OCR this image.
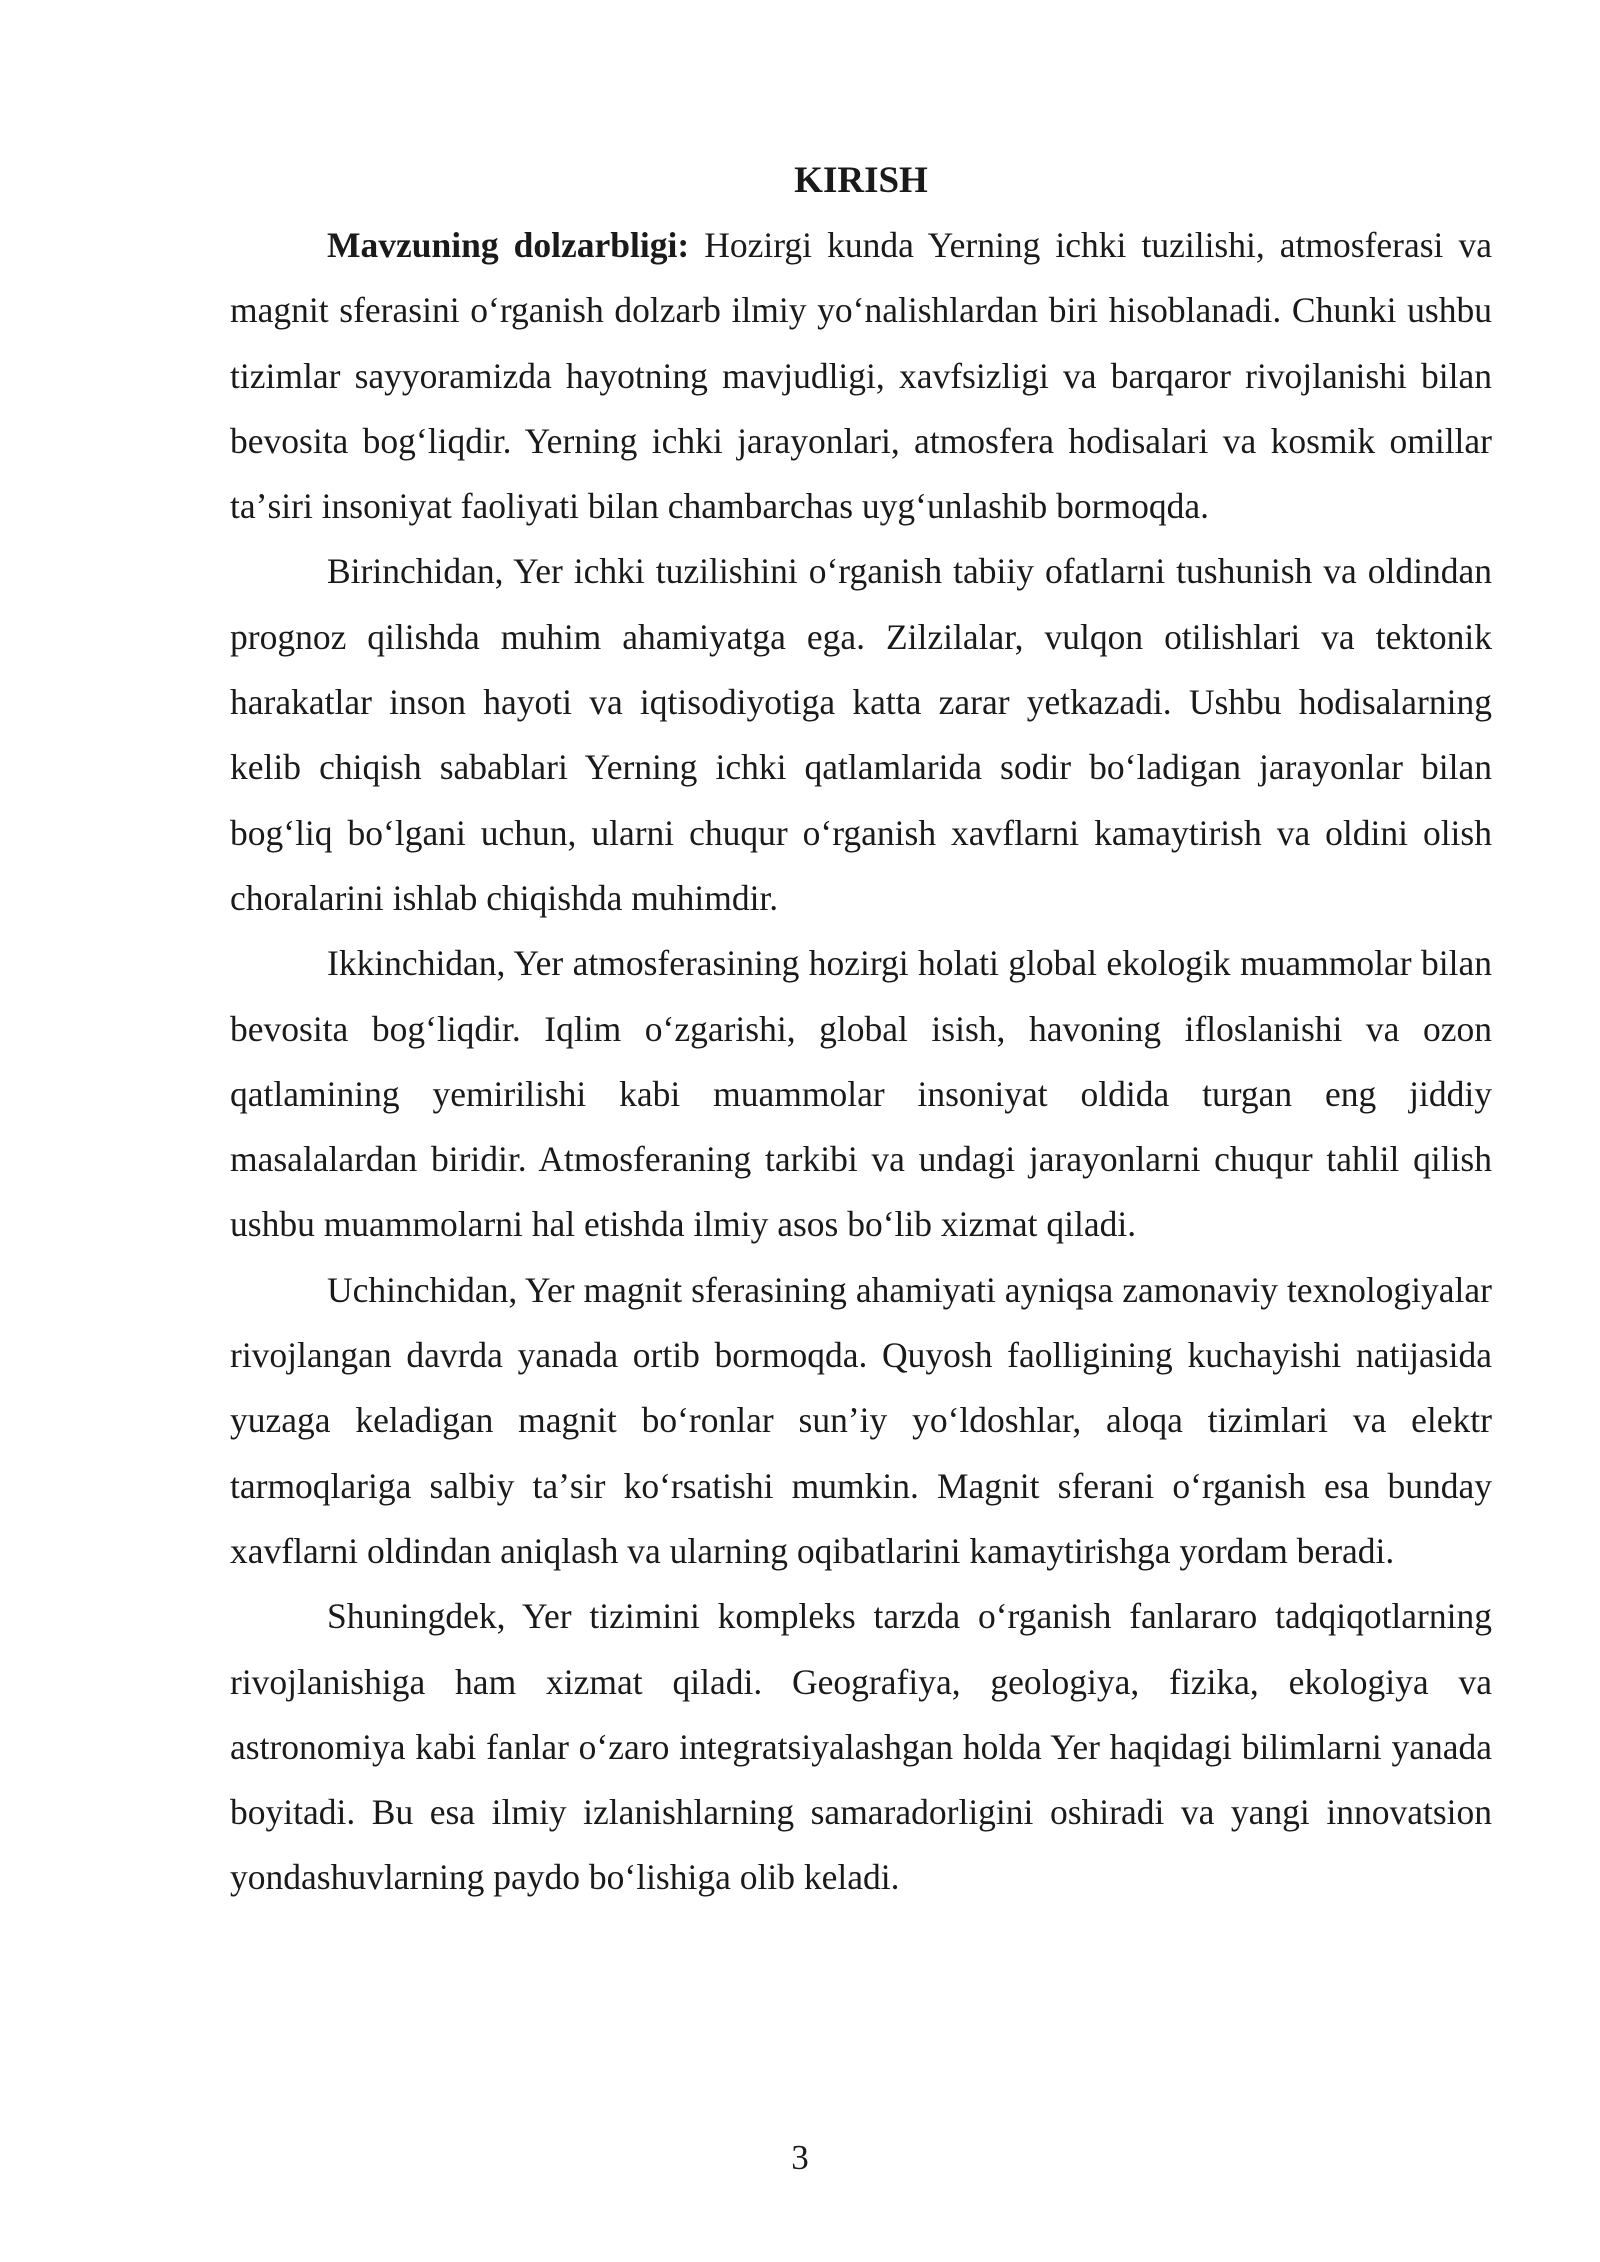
KIRISH

Mavzuning dolzarbligi: Hozirgi kunda Yerning ichki tuzilishi, atmosferasi va magnit sferasini oʻrganish dolzarb ilmiy yoʻnalishlardan biri hisoblanadi. Chunki ushbu tizimlar sayyoramizda hayotning mavjudligi, xavfsizligi va barqaror rivojlanishi bilan bevosita bogʻliqdir. Yerning ichki jarayonlari, atmosfera hodisalari va kosmik omillar taʼsiri insoniyat faoliyati bilan chambarchas uygʻunlashib bormoqda.

Birinchidan, Yer ichki tuzilishini oʻrganish tabiiy ofatlarni tushunish va oldindan prognoz qilishda muhim ahamiyatga ega. Zilzilalar, vulqon otilishlari va tektonik harakatlar inson hayoti va iqtisodiyotiga katta zarar yetkazadi. Ushbu hodisalarning kelib chiqish sabablari Yerning ichki qatlamlarida sodir boʻladigan jarayonlar bilan bogʻliq boʻlgani uchun, ularni chuqur oʻrganish xavflarni kamaytirish va oldini olish choralarini ishlab chiqishda muhimdir.

Ikkinchidan, Yer atmosferasining hozirgi holati global ekologik muammolar bilan bevosita bogʻliqdir. Iqlim oʻzgarishi, global isish, havoning ifloslanishi va ozon qatlamining yemirilishi kabi muammolar insoniyat oldida turgan eng jiddiy masalalardan biridir. Atmosferaning tarkibi va undagi jarayonlarni chuqur tahlil qilish ushbu muammolarni hal etishda ilmiy asos boʻlib xizmat qiladi.

Uchinchidan, Yer magnit sferasining ahamiyati ayniqsa zamonaviy texnologiyalar rivojlangan davrda yanada ortib bormoqda. Quyosh faolligining kuchayishi natijasida yuzaga keladigan magnit boʻronlar sunʼiy yoʻldoshlar, aloqa tizimlari va elektr tarmoqlariga salbiy taʼsir koʻrsatishi mumkin. Magnit sferani oʻrganish esa bunday xavflarni oldindan aniqlash va ularning oqibatlarini kamaytirishga yordam beradi.

Shuningdek, Yer tizimini kompleks tarzda oʻrganish fanlararo tadqiqotlarning rivojlanishiga ham xizmat qiladi. Geografiya, geologiya, fizika, ekologiya va astronomiya kabi fanlar oʻzaro integratsiyalashgan holda Yer haqidagi bilimlarni yanada boyitadi. Bu esa ilmiy izlanishlarning samaradorligini oshiradi va yangi innovatsion yondashuvlarning paydo boʻlishiga olib keladi.

3
